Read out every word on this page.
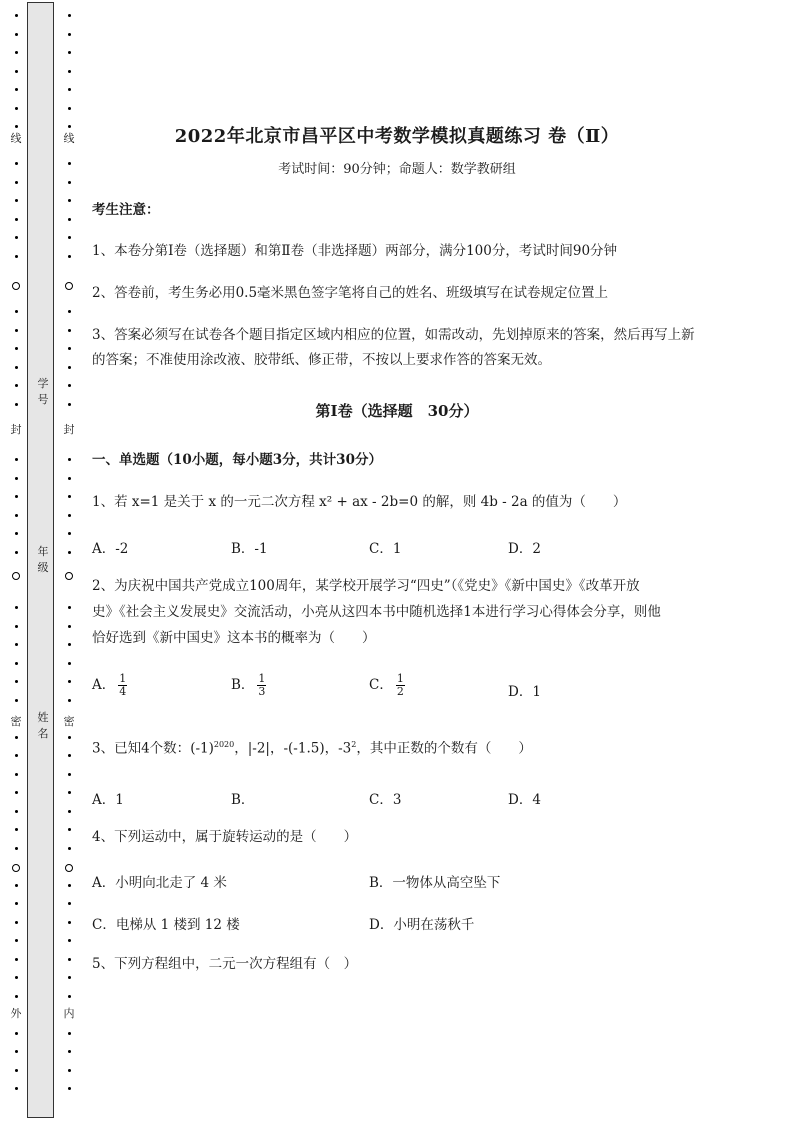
线
封
密
外
线
封
密
内
学 号
年 级
姓 名
2022年北京市昌平区中考数学模拟真题练习 卷（Ⅱ）
考试时间：90分钟；命题人：数学教研组
考生注意：
1、本卷分第Ⅰ卷（选择题）和第Ⅱ卷（非选择题）两部分，满分100分，考试时间90分钟
2、答卷前，考生务必用0.5毫米黑色签字笔将自己的姓名、班级填写在试卷规定位置上
3、答案必须写在试卷各个题目指定区域内相应的位置，如需改动，先划掉原来的答案，然后再写上新
的答案；不准使用涂改液、胶带纸、修正带，不按以上要求作答的答案无效。
第Ⅰ卷（选择题　30分）
一、单选题（10小题，每小题3分，共计30分）
1、若 x=1 是关于 x 的一元二次方程 x² + ax - 2b=0 的解，则 4b - 2a 的值为（　　）
A．-2	B．-1	C．1	D．2
2、为庆祝中国共产党成立100周年，某学校开展学习“四史”（《党史》《新中国史》《改革开放
史》《社会主义发展史》交流活动，小亮从这四本书中随机选择1本进行学习心得体会分享，则他
恰好选到《新中国史》这本书的概率为（　　）
A． $\frac{1}{4}$	B． $\frac{1}{3}$	C． $\frac{1}{2}$	D．1
3、已知4个数：$(-1)^{2020}$，|-2|，-(-1.5)，$-3^2$，其中正数的个数有（　　）
A．1	B．	C．3	D．4
4、下列运动中，属于旋转运动的是（　　）
A．小明向北走了 4 米	B．一物体从高空坠下
C．电梯从 1 楼到 12 楼	D．小明在荡秋千
5、下列方程组中，二元一次方程组有（　）
